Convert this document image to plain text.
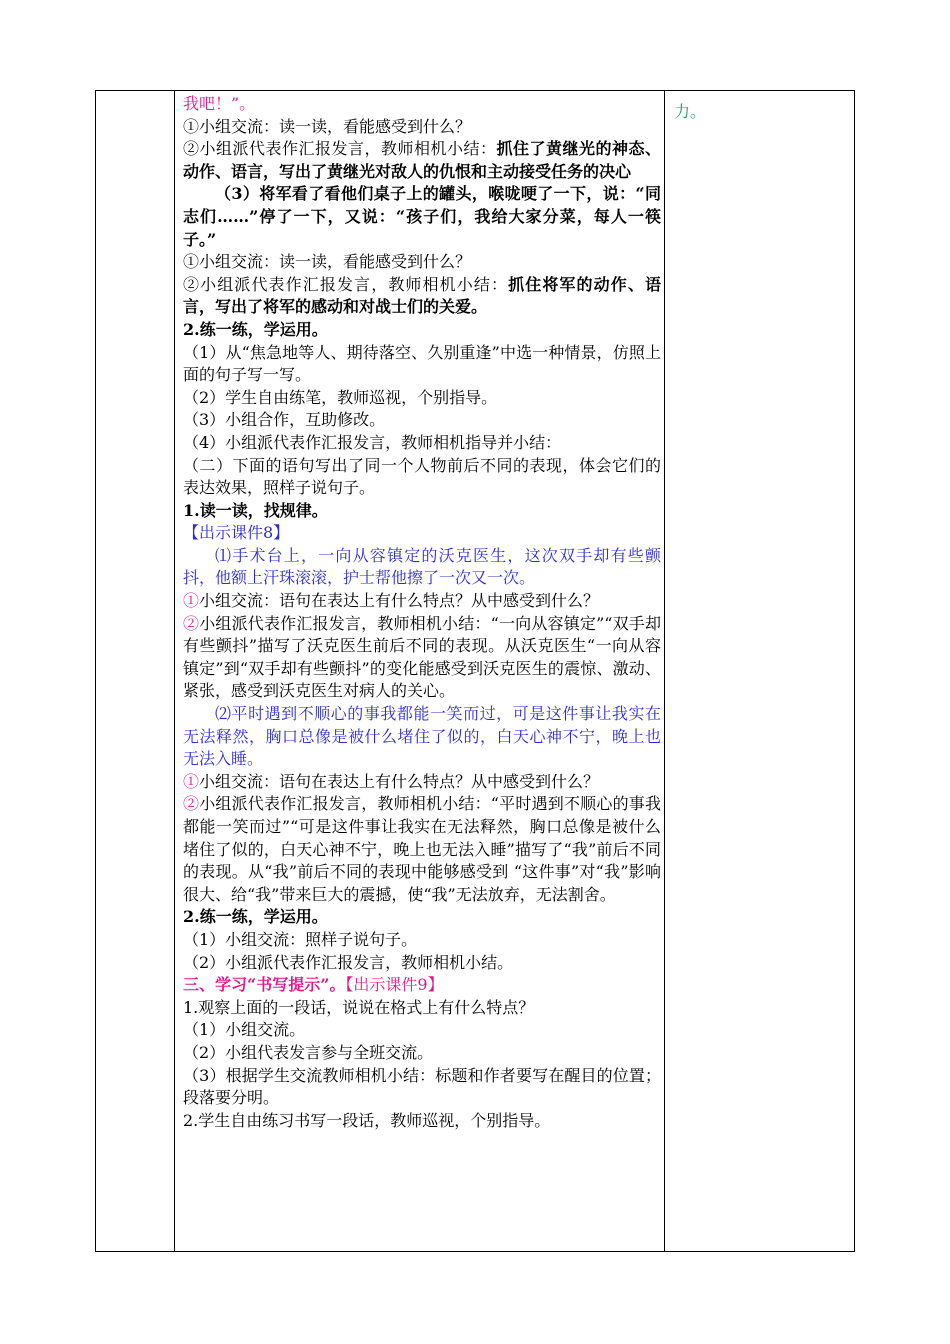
我吧！”。

①小组交流：读一读，看能感受到什么？

②小组派代表作汇报发言，教师相机小结：抓住了黄继光的神态、动作、语言，写出了黄继光对敌人的仇恨和主动接受任务的决心

（3）将军看了看他们桌子上的罐头，喉咙哽了一下，说：“同志们……”停了一下，又说：“孩子们，我给大家分菜，每人一筷子。”

①小组交流：读一读，看能感受到什么？

②小组派代表作汇报发言，教师相机小结：抓住将军的动作、语言，写出了将军的感动和对战士们的关爱。

2.练一练，学运用。

（1）从“焦急地等人、期待落空、久别重逢”中选一种情景，仿照上面的句子写一写。

（2）学生自由练笔，教师巡视，个别指导。

（3）小组合作，互助修改。

（4）小组派代表作汇报发言，教师相机指导并小结：

（二）下面的语句写出了同一个人物前后不同的表现，体会它们的表达效果，照样子说句子。

1.读一读，找规律。

【出示课件8】

⑴手术台上，一向从容镇定的沃克医生，这次双手却有些颤抖，他额上汗珠滚滚，护士帮他擦了一次又一次。

①小组交流：语句在表达上有什么特点？从中感受到什么？

②小组派代表作汇报发言，教师相机小结：“一向从容镇定”“双手却有些颤抖”描写了沃克医生前后不同的表现。从沃克医生“一向从容镇定”到“双手却有些颤抖”的变化能感受到沃克医生的震惊、激动、紧张，感受到沃克医生对病人的关心。

⑵平时遇到不顺心的事我都能一笑而过，可是这件事让我实在无法释然，胸口总像是被什么堵住了似的，白天心神不宁，晚上也无法入睡。

①小组交流：语句在表达上有什么特点？从中感受到什么？

②小组派代表作汇报发言，教师相机小结：“平时遇到不顺心的事我都能一笑而过”“可是这件事让我实在无法释然，胸口总像是被什么堵住了似的，白天心神不宁，晚上也无法入睡”描写了“我”前后不同的表现。从“我”前后不同的表现中能够感受到 “这件事”对“我”影响很大、给“我”带来巨大的震撼，使“我”无法放弃，无法割舍。

2.练一练，学运用。

（1）小组交流：照样子说句子。

（2）小组派代表作汇报发言，教师相机小结。

三、学习“书写提示”。【出示课件9】

1.观察上面的一段话，说说在格式上有什么特点？

（1）小组交流。

（2）小组代表发言参与全班交流。

（3）根据学生交流教师相机小结：标题和作者要写在醒目的位置；段落要分明。

2.学生自由练习书写一段话，教师巡视，个别指导。

力。
